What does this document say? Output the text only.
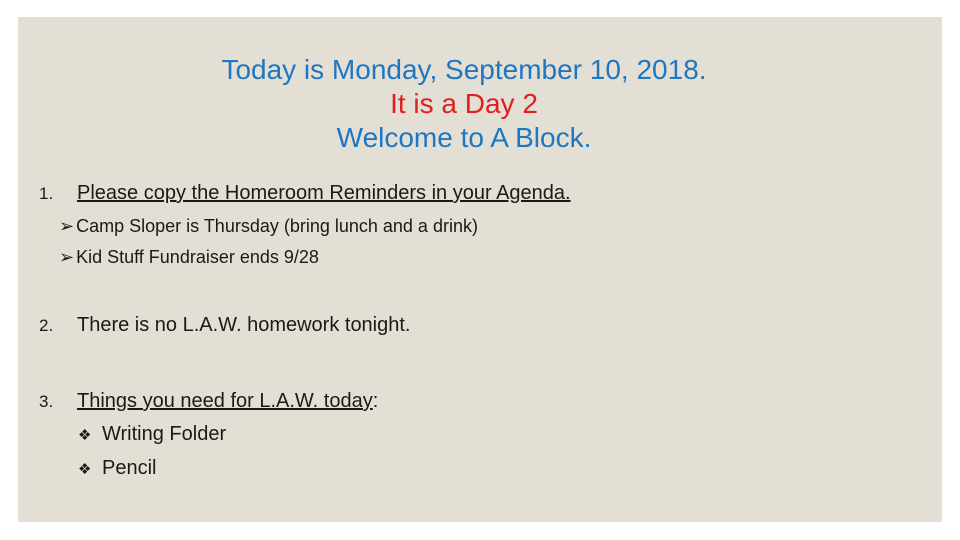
Today is Monday, September 10, 2018.
It is a Day 2
Welcome to A Block.
1. Please copy the Homeroom Reminders in your Agenda.
➢ Camp Sloper is Thursday (bring lunch and a drink)
➢ Kid Stuff Fundraiser ends 9/28
2. There is no L.A.W. homework tonight.
3. Things you need for L.A.W. today:
❖ Writing Folder
❖ Pencil
